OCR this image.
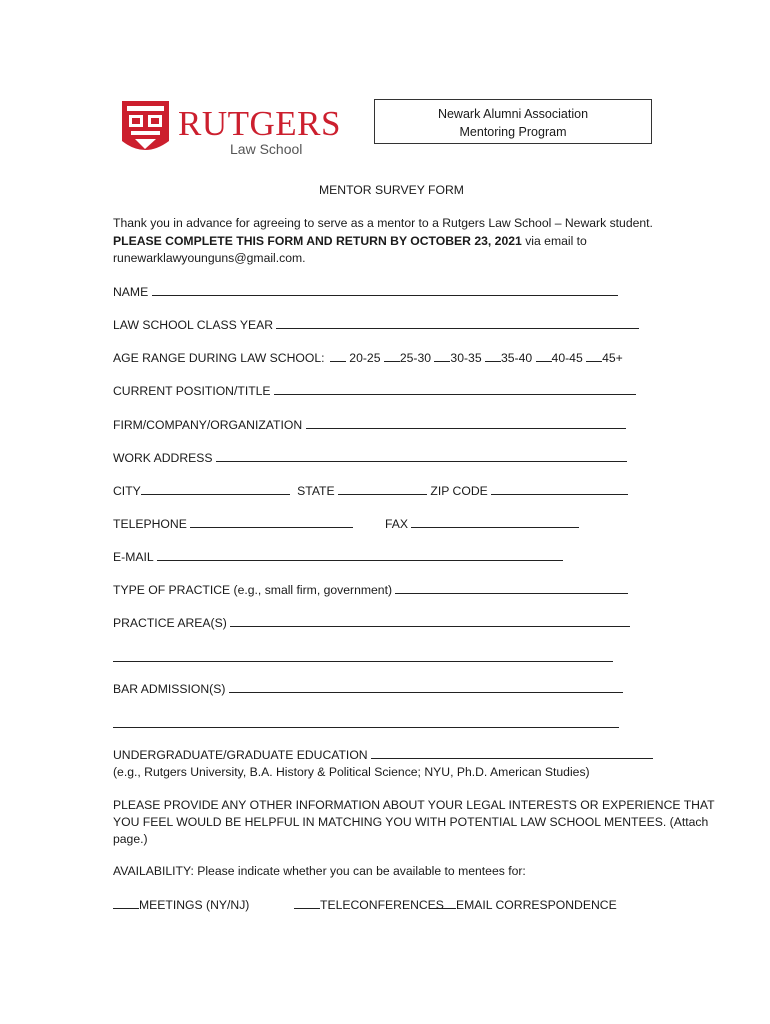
RUTGERS
Law School
Newark Alumni Association
Mentoring Program
MENTOR SURVEY FORM
Thank you in advance for agreeing to serve as a mentor to a Rutgers Law School – Newark student.
PLEASE COMPLETE THIS FORM AND RETURN BY OCTOBER 23, 2021 via email to
runewarklawyounguns@gmail.com.
NAME
LAW SCHOOL CLASS YEAR
AGE RANGE DURING LAW SCHOOL: 20-25 25-30 30-35 35-40 40-45 45+
CURRENT POSITION/TITLE
FIRM/COMPANY/ORGANIZATION
WORK ADDRESS
CITY	STATE	ZIP CODE
TELEPHONE	FAX
E-MAIL
TYPE OF PRACTICE (e.g., small firm, government)
PRACTICE AREA(S)
BAR ADMISSION(S)
UNDERGRADUATE/GRADUATE EDUCATION
(e.g., Rutgers University, B.A. History & Political Science; NYU, Ph.D. American Studies)
PLEASE PROVIDE ANY OTHER INFORMATION ABOUT YOUR LEGAL INTERESTS OR EXPERIENCE THAT
YOU FEEL WOULD BE HELPFUL IN MATCHING YOU WITH POTENTIAL LAW SCHOOL MENTEES. (Attach
page.)
AVAILABILITY: Please indicate whether you can be available to mentees for:
MEETINGS (NY/NJ)	TELECONFERENCES EMAIL CORRESPONDENCE
